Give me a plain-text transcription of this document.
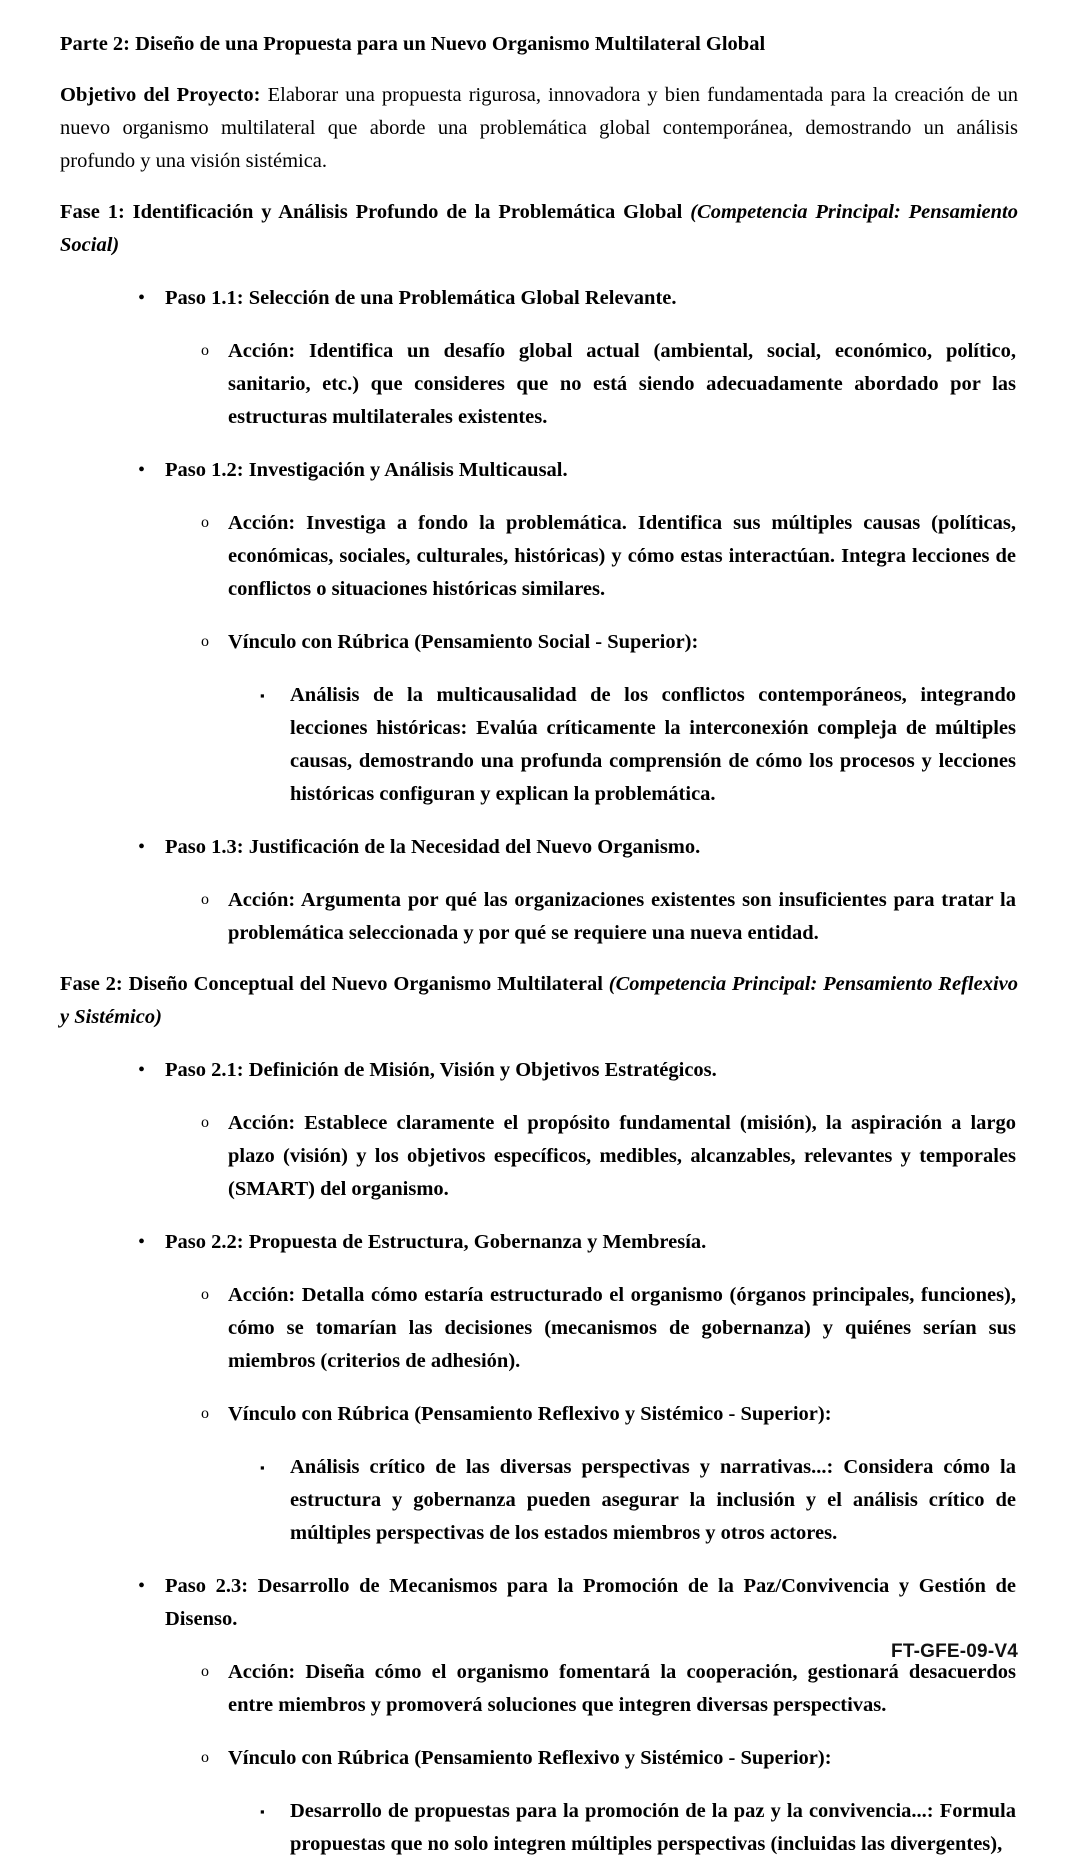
Parte 2: Diseño de una Propuesta para un Nuevo Organismo Multilateral Global

Objetivo del Proyecto: Elaborar una propuesta rigurosa, innovadora y bien fundamentada para la creación de un nuevo organismo multilateral que aborde una problemática global contemporánea, demostrando un análisis profundo y una visión sistémica.

Fase 1: Identificación y Análisis Profundo de la Problemática Global (Competencia Principal: Pensamiento Social)

• Paso 1.1: Selección de una Problemática Global Relevante.
o Acción: Identifica un desafío global actual (ambiental, social, económico, político, sanitario, etc.) que consideres que no está siendo adecuadamente abordado por las estructuras multilaterales existentes.
• Paso 1.2: Investigación y Análisis Multicausal.
o Acción: Investiga a fondo la problemática. Identifica sus múltiples causas (políticas, económicas, sociales, culturales, históricas) y cómo estas interactúan. Integra lecciones de conflictos o situaciones históricas similares.
o Vínculo con Rúbrica (Pensamiento Social - Superior):
▪ Análisis de la multicausalidad de los conflictos contemporáneos, integrando lecciones históricas: Evalúa críticamente la interconexión compleja de múltiples causas, demostrando una profunda comprensión de cómo los procesos y lecciones históricas configuran y explican la problemática.
• Paso 1.3: Justificación de la Necesidad del Nuevo Organismo.
o Acción: Argumenta por qué las organizaciones existentes son insuficientes para tratar la problemática seleccionada y por qué se requiere una nueva entidad.

Fase 2: Diseño Conceptual del Nuevo Organismo Multilateral (Competencia Principal: Pensamiento Reflexivo y Sistémico)

• Paso 2.1: Definición de Misión, Visión y Objetivos Estratégicos.
o Acción: Establece claramente el propósito fundamental (misión), la aspiración a largo plazo (visión) y los objetivos específicos, medibles, alcanzables, relevantes y temporales (SMART) del organismo.
• Paso 2.2: Propuesta de Estructura, Gobernanza y Membresía.
o Acción: Detalla cómo estaría estructurado el organismo (órganos principales, funciones), cómo se tomarían las decisiones (mecanismos de gobernanza) y quiénes serían sus miembros (criterios de adhesión).
o Vínculo con Rúbrica (Pensamiento Reflexivo y Sistémico - Superior):
▪ Análisis crítico de las diversas perspectivas y narrativas...: Considera cómo la estructura y gobernanza pueden asegurar la inclusión y el análisis crítico de múltiples perspectivas de los estados miembros y otros actores.
• Paso 2.3: Desarrollo de Mecanismos para la Promoción de la Paz/Convivencia y Gestión de Disenso.
o Acción: Diseña cómo el organismo fomentará la cooperación, gestionará desacuerdos entre miembros y promoverá soluciones que integren diversas perspectivas.
o Vínculo con Rúbrica (Pensamiento Reflexivo y Sistémico - Superior):
▪ Desarrollo de propuestas para la promoción de la paz y la convivencia...: Formula propuestas que no solo integren múltiples perspectivas (incluidas las divergentes),
FT-GFE-09-V4
